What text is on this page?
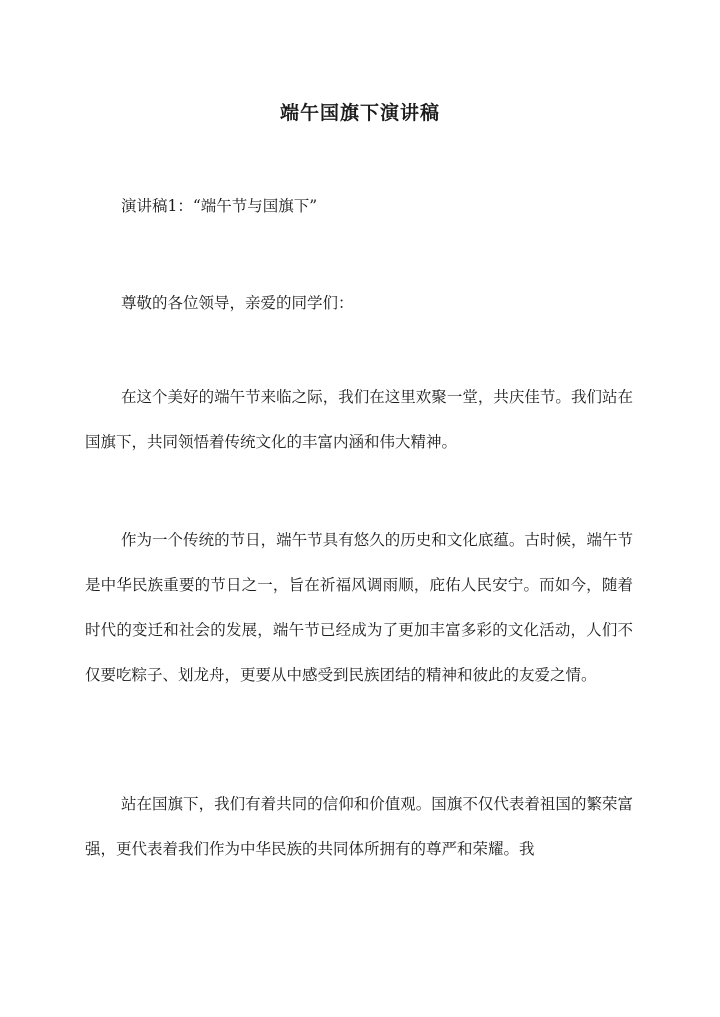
端午国旗下演讲稿

演讲稿1：“端午节与国旗下”

尊敬的各位领导，亲爱的同学们：

在这个美好的端午节来临之际，我们在这里欢聚一堂，共庆佳节。我们站在国旗下，共同领悟着传统文化的丰富内涵和伟大精神。

作为一个传统的节日，端午节具有悠久的历史和文化底蕴。古时候，端午节是中华民族重要的节日之一，旨在祈福风调雨顺，庇佑人民安宁。而如今，随着时代的变迁和社会的发展，端午节已经成为了更加丰富多彩的文化活动，人们不仅要吃粽子、划龙舟，更要从中感受到民族团结的精神和彼此的友爱之情。

站在国旗下，我们有着共同的信仰和价值观。国旗不仅代表着祖国的繁荣富强，更代表着我们作为中华民族的共同体所拥有的尊严和荣耀。我
